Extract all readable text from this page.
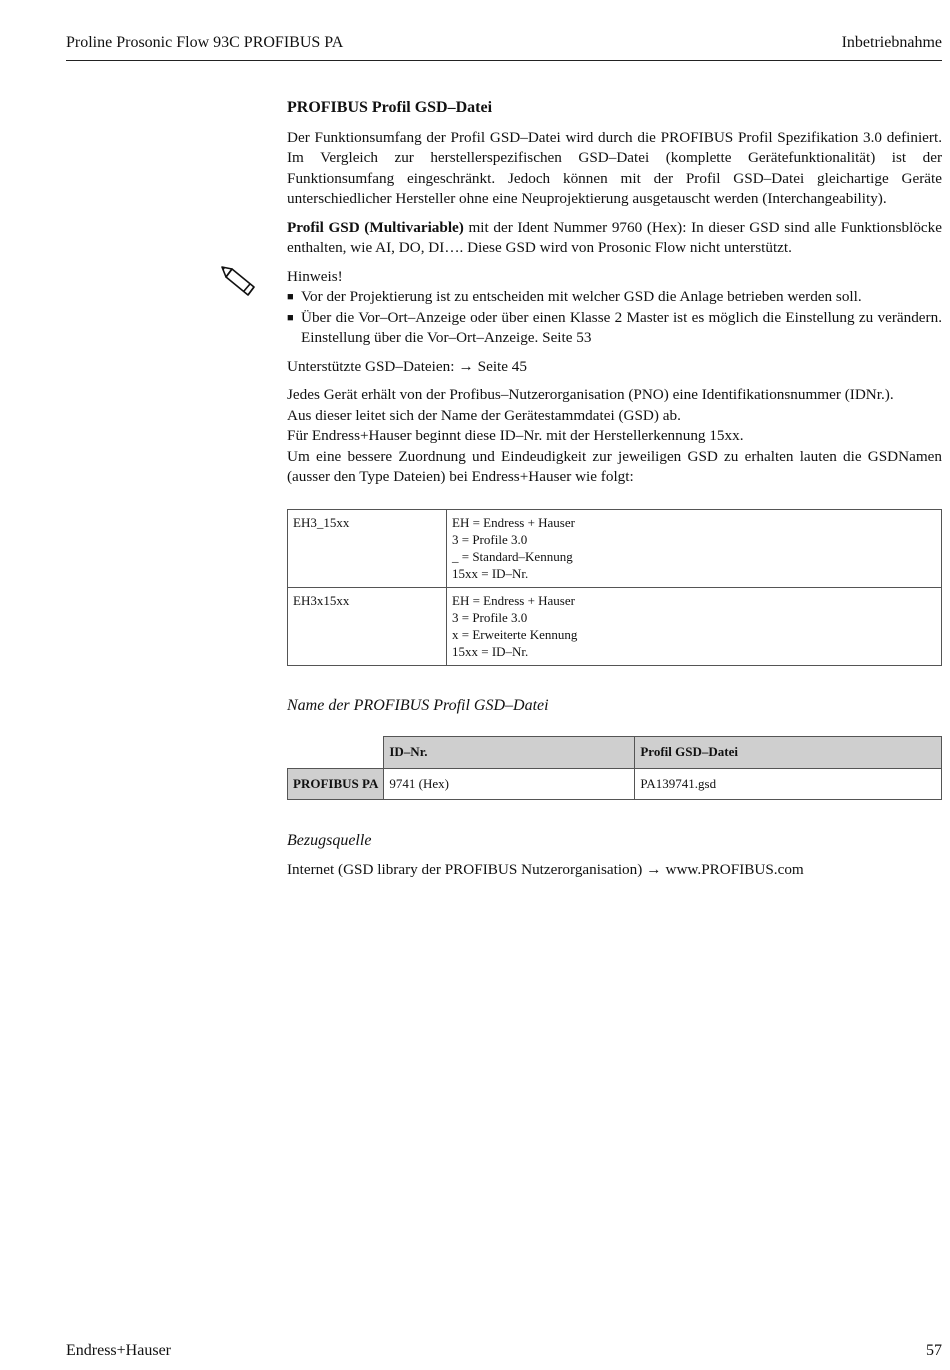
Proline Prosonic Flow 93C PROFIBUS PA	Inbetriebnahme
PROFIBUS Profil GSD–Datei

Der Funktionsumfang der Profil GSD–Datei wird durch die PROFIBUS Profil Spezifikation 3.0 definiert. Im Vergleich zur herstellerspezifischen GSD–Datei (komplette Gerätefunktionalität) ist der Funktionsumfang eingeschränkt. Jedoch können mit der Profil GSD–Datei gleichartige Geräte unterschiedlicher Hersteller ohne eine Neuprojektierung ausgetauscht werden (Interchangeability).

Profil GSD (Multivariable) mit der Ident Nummer 9760 (Hex): In dieser GSD sind alle Funktionsblöcke enthalten, wie AI, DO, DI…. Diese GSD wird von Prosonic Flow nicht unterstützt.

Hinweis!
■ Vor der Projektierung ist zu entscheiden mit welcher GSD die Anlage betrieben werden soll.
■ Über die Vor–Ort–Anzeige oder über einen Klasse 2 Master ist es möglich die Einstellung zu verändern. Einstellung über die Vor–Ort–Anzeige. Seite 53

Unterstützte GSD–Dateien: → Seite 45

Jedes Gerät erhält von der Profibus–Nutzerorganisation (PNO) eine Identifikationsnummer (IDNr.).
Aus dieser leitet sich der Name der Gerätestammdatei (GSD) ab.
Für Endress+Hauser beginnt diese ID–Nr. mit der Herstellerkennung 15xx.
Um eine bessere Zuordnung und Eindeudigkeit zur jeweiligen GSD zu erhalten lauten die GSDNamen (ausser den Type Dateien) bei Endress+Hauser wie folgt:

EH3_15xx	EH = Endress + Hauser
3 = Profile 3.0
_ = Standard–Kennung
15xx = ID–Nr.

EH3x15xx	EH = Endress + Hauser
3 = Profile 3.0
x = Erweiterte Kennung
15xx = ID–Nr.
Name der PROFIBUS Profil GSD–Datei
	ID–Nr.	Profil GSD–Datei
PROFIBUS PA	9741 (Hex)	PA139741.gsd
Bezugsquelle

Internet (GSD library der PROFIBUS Nutzerorganisation) → www.PROFIBUS.com

Endress+Hauser	57
